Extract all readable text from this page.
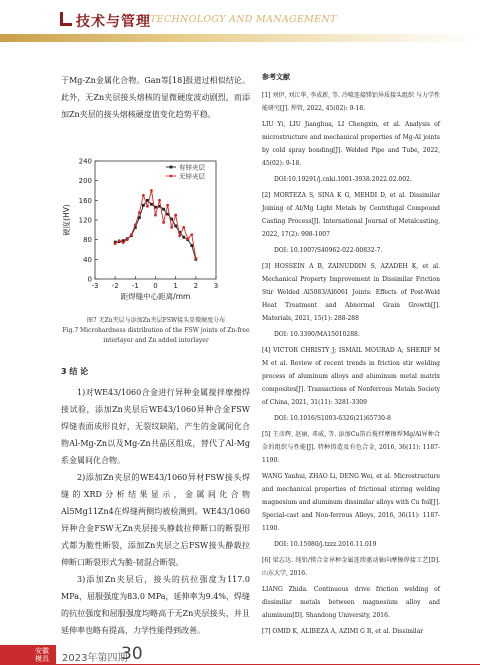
技术与管理 TECHNOLOGY AND MANAGEMENT

于Mg-Zn金属化合物。Gan等[18]报道过相似结论。此外，无Zn夹层接头熔核的显微硬度波动剧烈，而添加Zn夹层的接头熔核硬度值变化趋势平稳。

0
40
80
120
160
200
240
-3 -2 -1 0 1 2 3
距焊缝中心距离/mm
硬度(HV)
有锌夹层
无锌夹层
图7 无Zn夹层与添加Zn夹层FSW接头显微硬度分布
Fig.7 Microhardness distribution of the FSW joints of Zn-free interlayer and Zn added interlayer
3 结 论

1)对WE43/1060合金进行异种金属搅拌摩擦焊接试验，添加Zn夹层后WE43/1060异种合金FSW焊缝表面成形良好，无裂纹缺陷，产生的金属间化合物Al-Mg-Zn以及Mg-Zn共晶区组成，替代了Al-Mg系金属间化合物。

2)添加Zn夹层的WE43/1060异材FSW接头焊缝的XRD分析结果显示，金属间化合物Al5Mg11Zn4在焊缝两侧均被检测到。WE43/1060异种合金FSW无Zn夹层接头静载拉伸断口的断裂形式都为脆性断裂，添加Zn夹层之后FSW接头静载拉伸断口断裂形式为脆-韧混合断裂。

3)添加Zn夹层后，接头的抗拉强度为117.0 MPa，屈服强度为83.0 MPa，延伸率为9.4%，焊缝的抗拉强度和屈服强度均略高于无Zn夹层接头，并且延伸率也略有提高，力学性能得到改善。

参考文献

[1] 刘伊, 刘江华, 李成新, 等. 冷喷连接镁铝异质接头组织 与力学性能研究[J]. 焊管, 2022, 45(02): 9-18.

LIU Yi, LIU Jianghua, LI Chengxin, et al. Analysis of microstructure and mechanical properties of Mg-Al joints by cold spray bonding[J]. Welded Pipe and Tube, 2022, 45(02): 9-18.

DOI:10.19291/j.cnki.1001-3938.2022.02.002.

[2] MORTEZA S, SINA K G, MEHDI D, et al. Dissimilar Joining of Al/Mg Light Metals by Centrifugal Compound Casting Process[J]. International Journal of Metalcasting, 2022, 17(2): 998-1007

DOI: 10.1007/S40962-022-00832-7.

[3] HOSSEIN A B, ZAINUDDIN S, AZADEH K, et al. Mechanical Property Improvement in Dissimilar Friction Stir Welded Al5083/Al6061 Joints: Effects of Post-Weld Heat Treatment and Abnormal Grain Growth[J]. Materials, 2021, 15(1): 288-288

DOI: 10.3390/MA15010288.

[4] VICTOR CHRISTY J; ISMAIL MOURAD A; SHERIF M M et al. Review of recent trends in friction stir welding process of aluminum alloys and aluminum metal matrix composites[J]. Transactions of Nonferrous Metals Society of China, 2021, 31(11): 3281-3309

DOI: 10.1016/S1003-6326(21)65730-8

[5] 王彦辉, 赵丽, 邓威, 等. 添加Cu箔后搅拌摩擦焊Mg/Al异种合金的组织与性能[J]. 特种铸造及有色合金, 2016, 36(11): 1187-1190.

WANG Yanhui, ZHAO Li, DENG Wei, et al. Microstructure and mechanical properties of frictional stirring welding magnesium and aluminum dissimilar alloys with Cu foil[J]. Special-cast and Non-ferrous Alloys, 2016, 36(11): 1187-1190.

DOI: 10.15980/j.tzzz.2016.11.019

[6] 梁志达. 纯铝/镁合金异种金属连续驱动轴向摩擦焊接工艺[D]. 山东大学, 2016.

LIANG Zhida. Continuous drive friction welding of dissimilar metals between magnesium alloy and aluminum[D]. Shandong University, 2016.

[7] OMID K, ALIBEZA A, AZIMI G R, et al. Dissimilar

安徽
模具	2023年第四期
30
